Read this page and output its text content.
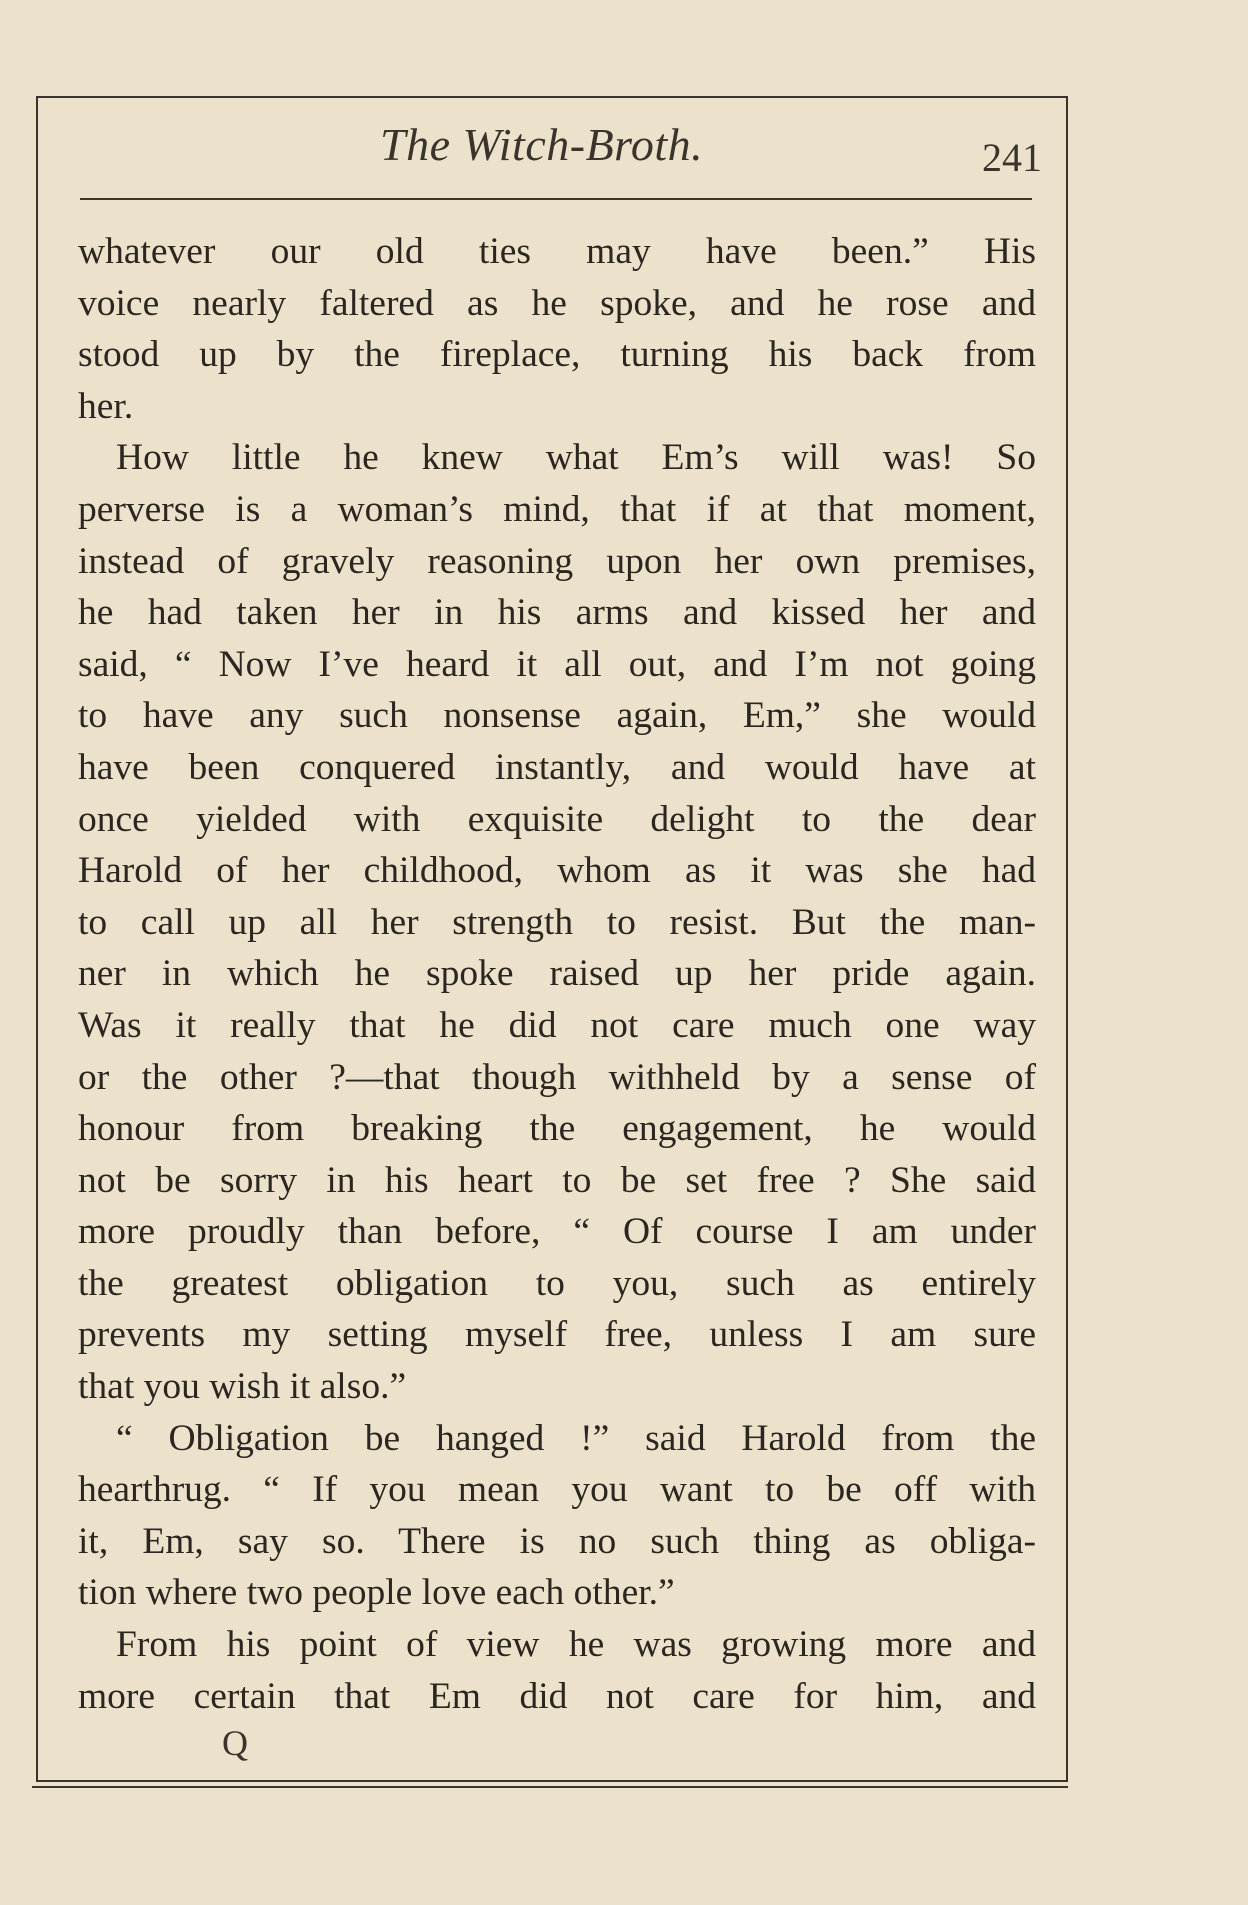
The Witch-Broth.	241
whatever our old ties may have been.” His
voice nearly faltered as he spoke, and he rose and
stood up by the fireplace, turning his back from
her.
How little he knew what Em’s will was! So
perverse is a woman’s mind, that if at that moment,
instead of gravely reasoning upon her own premises,
he had taken her in his arms and kissed her and
said, “ Now I’ve heard it all out, and I’m not going
to have any such nonsense again, Em,” she would
have been conquered instantly, and would have at
once yielded with exquisite delight to the dear
Harold of her childhood, whom as it was she had
to call up all her strength to resist. But the man-
ner in which he spoke raised up her pride again.
Was it really that he did not care much one way
or the other ?—that though withheld by a sense of
honour from breaking the engagement, he would
not be sorry in his heart to be set free ? She said
more proudly than before, “ Of course I am under
the greatest obligation to you, such as entirely
prevents my setting myself free, unless I am sure
that you wish it also.”
“ Obligation be hanged !” said Harold from the
hearthrug. “ If you mean you want to be off with
it, Em, say so. There is no such thing as obliga-
tion where two people love each other.”
From his point of view he was growing more and
more certain that Em did not care for him, and
Q
